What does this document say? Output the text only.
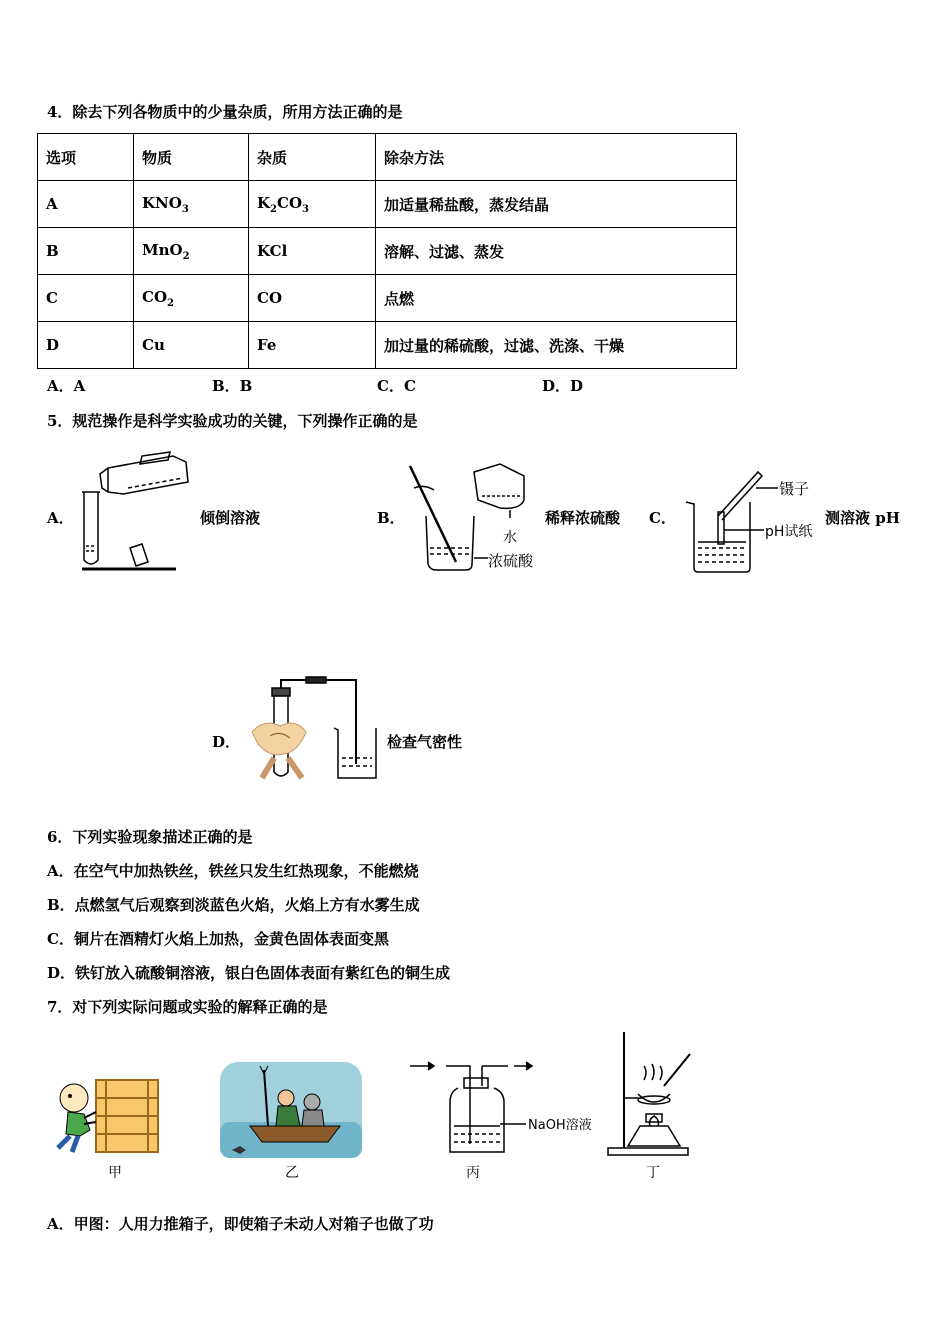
4．除去下列各物质中的少量杂质，所用方法正确的是
选项	物质	杂质	除杂方法
A	$KNO_3$	$K_2CO_3$	加适量稀盐酸，蒸发结晶
B	MnO$_2$	KCl	溶解、过滤、蒸发
C	$CO_2$	CO	点燃
D	Cu	Fe	加过量的稀硫酸，过滤、洗涤、干燥
A．A	B．B	C．C	D．D
5．规范操作是科学实验成功的关键，下列操作正确的是
A．	倾倒溶液	B．
水
浓硫酸
稀释浓硫酸 C．
镊子
pH试纸
测溶液 pH
D．	检查气密性
6．下列实验现象描述正确的是
A．在空气中加热铁丝，铁丝只发生红热现象，不能燃烧
B．点燃氢气后观察到淡蓝色火焰，火焰上方有水雾生成
C．铜片在酒精灯火焰上加热，金黄色固体表面变黑
D．铁钉放入硫酸铜溶液，银白色固体表面有紫红色的铜生成
7．对下列实际问题或实验的解释正确的是
甲	乙
NaOH溶液
丙	丁
A．甲图：人用力推箱子，即使箱子未动人对箱子也做了功
